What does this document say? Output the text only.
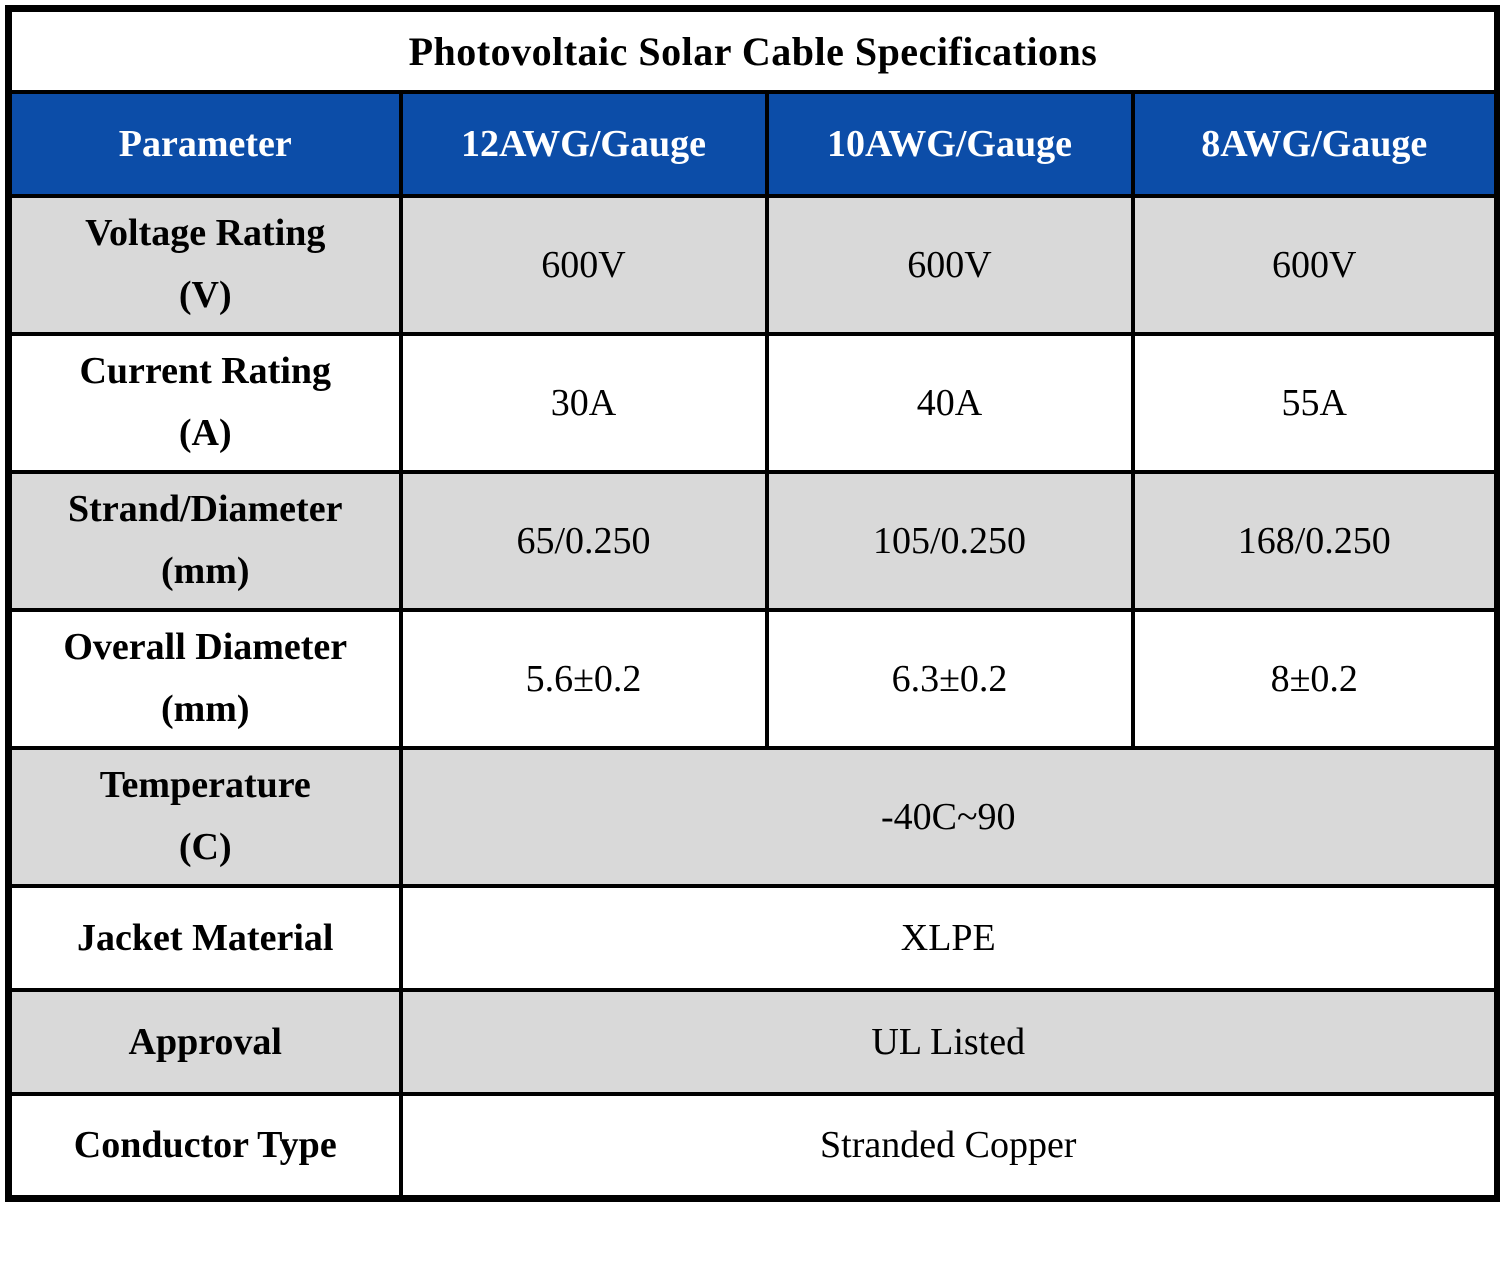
Photovoltaic Solar Cable Specifications			
Parameter	12AWG/Gauge	10AWG/Gauge	8AWG/Gauge

Voltage Rating
(V)	600V	600V	600V

Current Rating
(A)	30A	40A	55A

Strand/Diameter
(mm)	65/0.250	105/0.250	168/0.250

Overall Diameter
(mm)	5.6±0.2	6.3±0.2	8±0.2

Temperature
(C)	-40C~90		
Jacket Material	XLPE		
Approval	UL Listed		
Conductor Type	Stranded Copper		
